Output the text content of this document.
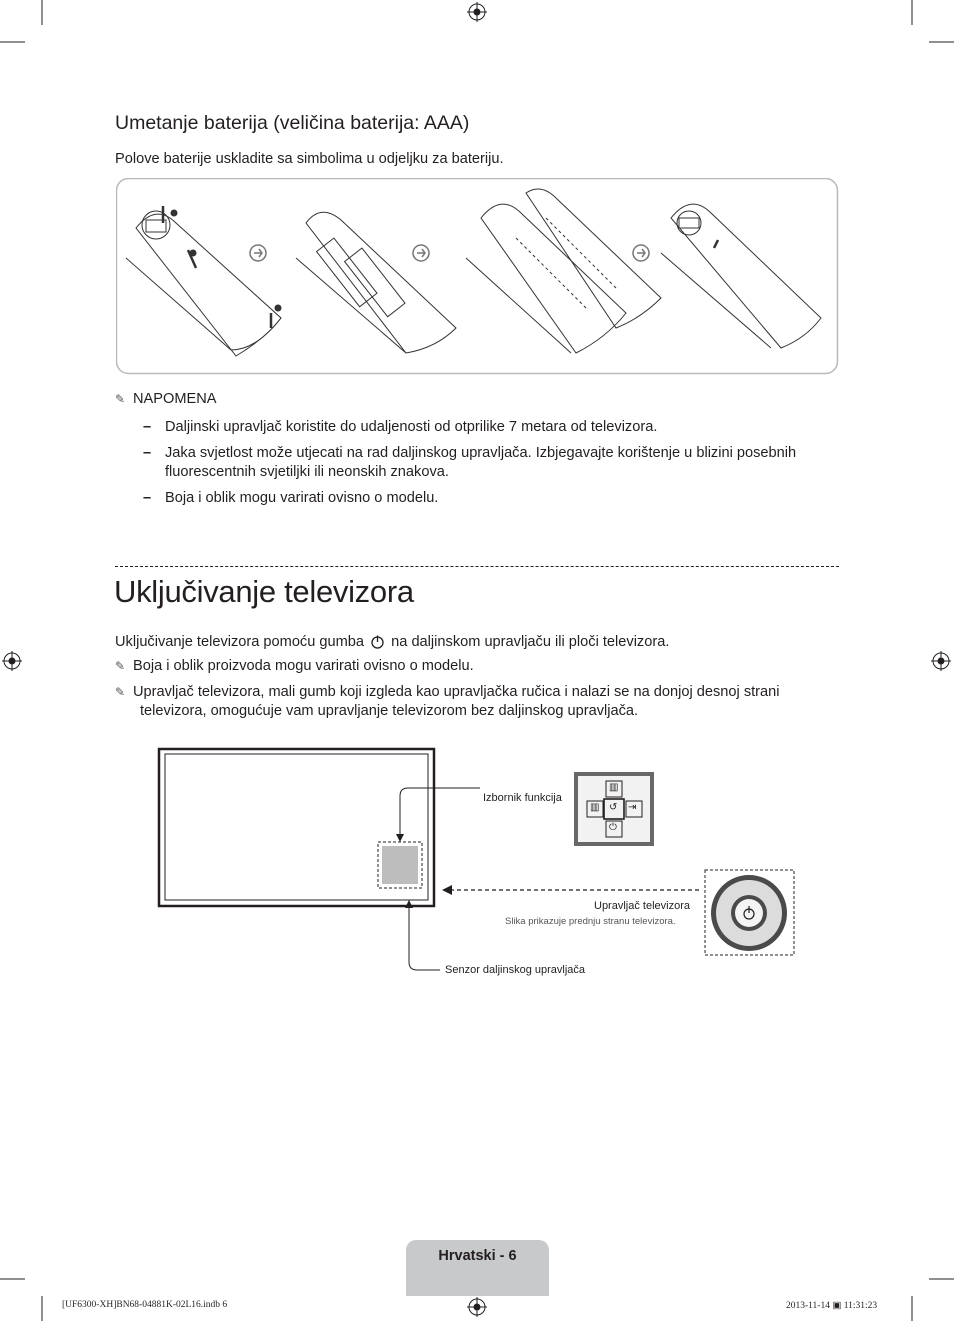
Umetanje baterija (veličina baterija: AAA)
Polove baterije uskladite sa simbolima u odjeljku za bateriju.
✎ NAPOMENA
– Daljinski upravljač koristite do udaljenosti od otprilike 7 metara od televizora.
– Jaka svjetlost može utjecati na rad daljinskog upravljača. Izbjegavajte korištenje u blizini posebnih
fluorescentnih svjetiljki ili neonskih znakova.
– Boja i oblik mogu varirati ovisno o modelu.
Uključivanje televizora
Uključivanje televizora pomoću gumba na daljinskom upravljaču ili ploči televizora.
✎ Boja i oblik proizvoda mogu varirati ovisno o modelu.
✎ Upravljač televizora, mali gumb koji izgleda kao upravljačka ručica i nalazi se na donjoj desnoj strani
televizora, omogućuje vam upravljanje televizorom bez daljinskog upravljača.
▥
▥ ↺ ⇥
⏻
Izbornik funkcija
Upravljač televizora
Slika prikazuje prednju stranu televizora.
Senzor daljinskog upravljača
Hrvatski - 6
[UF6300-XH]BN68-04881K-02L16.indb 6	2013-11-14 ▣ 11:31:23
